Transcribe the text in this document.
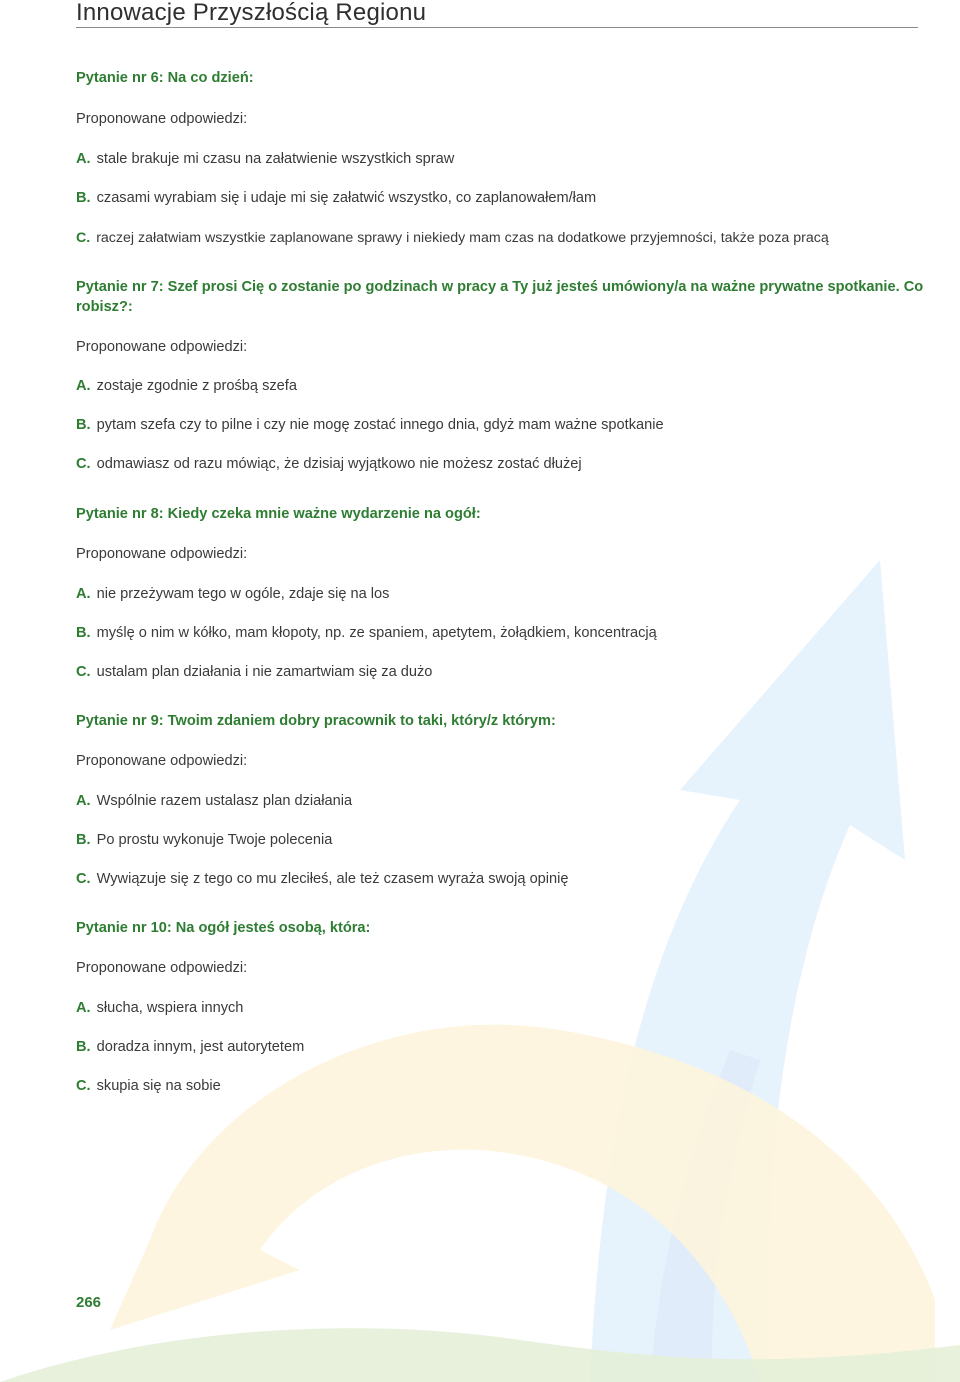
Innowacje Przyszłością Regionu

Pytanie nr 6: Na co dzień:

Proponowane odpowiedzi:

A. stale brakuje mi czasu na załatwienie wszystkich spraw

B. czasami wyrabiam się i udaje mi się załatwić wszystko, co zaplanowałem/łam

C. raczej załatwiam wszystkie zaplanowane sprawy i niekiedy mam czas na dodatkowe przyjemności, także poza pracą

Pytanie nr 7: Szef prosi Cię o zostanie po godzinach w pracy a Ty już jesteś umówiony/a na ważne prywatne spotkanie. Co robisz?:

Proponowane odpowiedzi:

A. zostaje zgodnie z prośbą szefa

B. pytam szefa czy to pilne i czy nie mogę zostać innego dnia, gdyż mam ważne spotkanie

C. odmawiasz od razu mówiąc, że dzisiaj wyjątkowo nie możesz zostać dłużej

Pytanie nr 8: Kiedy czeka mnie ważne wydarzenie na ogół:

Proponowane odpowiedzi:

A. nie przeżywam tego w ogóle, zdaje się na los

B. myślę o nim w kółko, mam kłopoty, np. ze spaniem, apetytem, żołądkiem, koncentracją

C. ustalam plan działania i nie zamartwiam się za dużo

Pytanie nr 9: Twoim zdaniem dobry pracownik to taki, który/z którym:

Proponowane odpowiedzi:

A. Wspólnie razem ustalasz plan działania

B. Po prostu wykonuje Twoje polecenia

C. Wywiązuje się z tego co mu zleciłeś, ale też czasem wyraża swoją opinię

Pytanie nr 10: Na ogół jesteś osobą, która:

Proponowane odpowiedzi:

A. słucha, wspiera innych

B. doradza innym, jest autorytetem

C. skupia się na sobie

266
